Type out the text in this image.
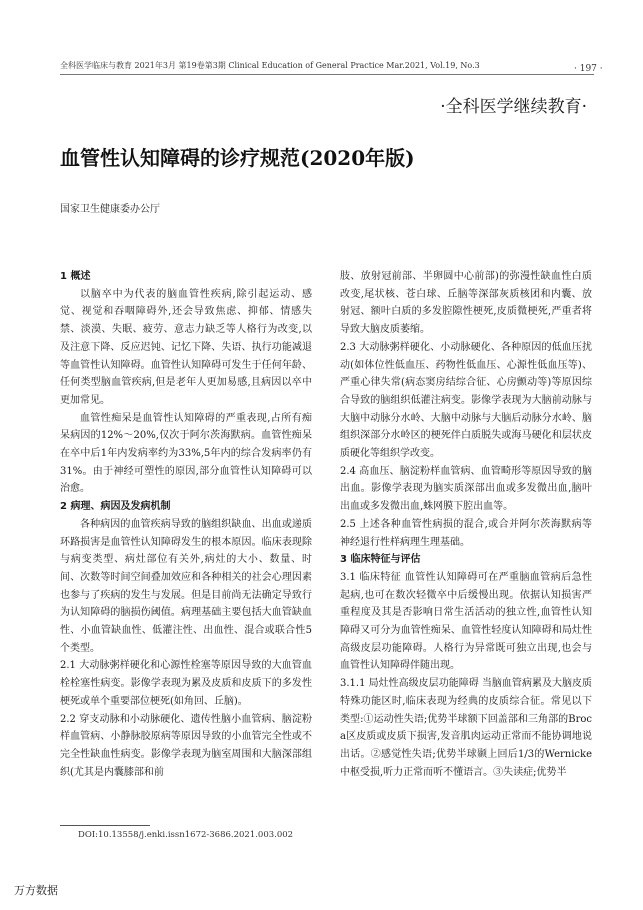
全科医学临床与教育 2021年3月 第19卷第3期 Clinical Education of General Practice Mar.2021, Vol.19, No.3	· 197 ·
·全科医学继续教育·
血管性认知障碍的诊疗规范(2020年版)
国家卫生健康委办公厅

1 概述

以脑卒中为代表的脑血管性疾病,除引起运动、感觉、视觉和吞咽障碍外,还会导致焦虑、抑郁、情感失禁、淡漠、失眠、疲劳、意志力缺乏等人格行为改变,以及注意下降、反应迟钝、记忆下降、失语、执行功能减退等血管性认知障碍。血管性认知障碍可发生于任何年龄、任何类型脑血管疾病,但是老年人更加易感,且病因以卒中更加常见。

血管性痴呆是血管性认知障碍的严重表现,占所有痴呆病因的12%～20%,仅次于阿尔茨海默病。血管性痴呆在卒中后1年内发病率约为33%,5年内的综合发病率仍有31%。由于神经可塑性的原因,部分血管性认知障碍可以治愈。

2 病理、病因及发病机制

各种病因的血管疾病导致的脑组织缺血、出血或递质环路损害是血管性认知障碍发生的根本原因。临床表现除与病变类型、病灶部位有关外,病灶的大小、数量、时间、次数等时间空间叠加效应和各种相关的社会心理因素也参与了疾病的发生与发展。但是目前尚无法确定导致行为认知障碍的脑损伤阈值。病理基础主要包括大血管缺血性、小血管缺血性、低灌注性、出血性、混合或联合性5个类型。

2.1 大动脉粥样硬化和心源性栓塞等原因导致的大血管血栓栓塞性病变。影像学表现为累及皮质和皮质下的多发性梗死或单个重要部位梗死(如角回、丘脑)。

2.2 穿支动脉和小动脉硬化、遗传性脑小血管病、脑淀粉样血管病、小静脉胶原病等原因导致的小血管完全性或不完全性缺血性病变。影像学表现为脑室周围和大脑深部组织(尤其是内囊膝部和前

肢、放射冠前部、半卵圆中心前部)的弥漫性缺血性白质改变,尾状核、苍白球、丘脑等深部灰质核团和内囊、放射冠、额叶白质的多发腔隙性梗死,皮质微梗死,严重者将导致大脑皮质萎缩。

2.3 大动脉粥样硬化、小动脉硬化、各种原因的低血压扰动(如体位性低血压、药物性低血压、心源性低血压等)、严重心律失常(病态窦房结综合征、心房颤动等)等原因综合导致的脑组织低灌注病变。影像学表现为大脑前动脉与大脑中动脉分水岭、大脑中动脉与大脑后动脉分水岭、脑组织深部分水岭区的梗死伴白质脱失或海马硬化和层状皮质硬化等组织学改变。

2.4 高血压、脑淀粉样血管病、血管畸形等原因导致的脑出血。影像学表现为脑实质深部出血或多发微出血,脑叶出血或多发微出血,蛛网膜下腔出血等。

2.5 上述各种血管性病损的混合,或合并阿尔茨海默病等神经退行性样病理生理基础。

3 临床特征与评估

3.1 临床特征 血管性认知障碍可在严重脑血管病后急性起病,也可在数次轻微卒中后缓慢出现。依据认知损害严重程度及其是否影响日常生活活动的独立性,血管性认知障碍又可分为血管性痴呆、血管性轻度认知障碍和局灶性高级皮层功能障碍。人格行为异常既可独立出现,也会与血管性认知障碍伴随出现。

3.1.1 局灶性高级皮层功能障碍 当脑血管病累及大脑皮质特殊功能区时,临床表现为经典的皮质综合征。常见以下类型:①运动性失语;优势半球额下回盖部和三角部的Broca区皮质或皮质下损害,发音肌肉运动正常而不能协调地说出话。②感觉性失语;优势半球颞上回后1/3的Wernicke中枢受损,听力正常而听不懂语言。③失读症;优势半

DOI:10.13558/j.enki.issn1672-3686.2021.003.002
万方数据
